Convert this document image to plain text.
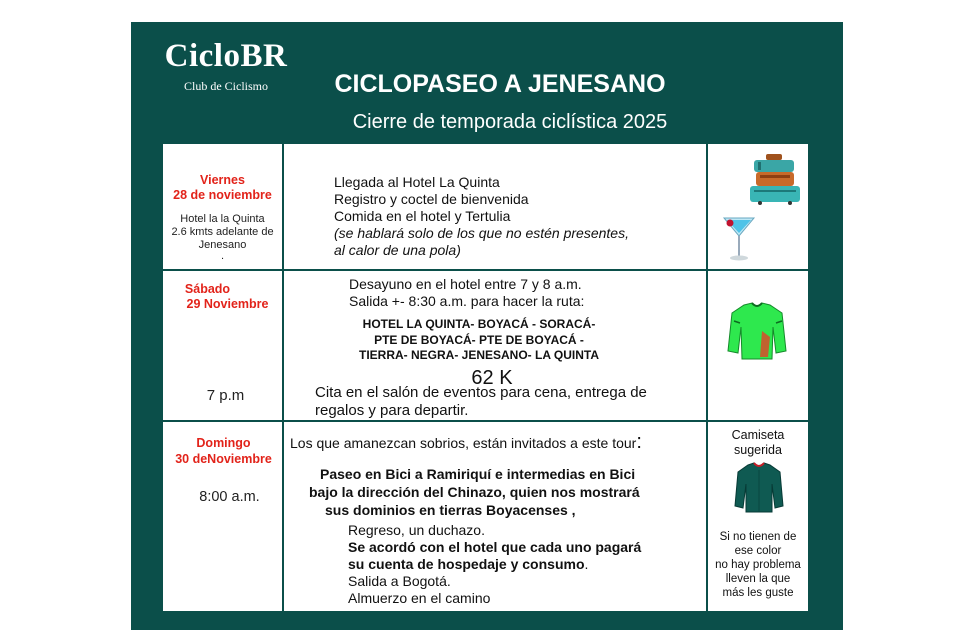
CicloBR
Club de Ciclismo	CICLOPASEO A JENESANO
Cierre de temporada ciclística 2025
Viernes
28 de noviembre
Hotel la la Quinta
2.6 kmts adelante de
Jenesano
.
Llegada al Hotel La Quinta
Registro y coctel de bienvenida
Comida en el hotel y Tertulia
(se hablará solo de los que no estén presentes,
al calor de una pola)
Sábado
29 Noviembre
7 p.m
Desayuno en el hotel entre 7 y 8 a.m.
Salida +- 8:30 a.m. para hacer la ruta:
HOTEL LA QUINTA- BOYACÁ - SORACÁ-
PTE DE BOYACÁ- PTE DE BOYACÁ -
TIERRA- NEGRA- JENESANO- LA QUINTA
62 K
Cita en el salón de eventos para cena, entrega de
regalos y para departir.
Domingo
30 deNoviembre
8:00 a.m.
Los que amanezcan sobrios, están invitados a este tour:
Paseo en Bici a Ramiriquí e intermedias en Bici
bajo la dirección del Chinazo, quien nos mostrará
sus dominios en tierras Boyacenses ,
Regreso, un duchazo.
Se acordó con el hotel que cada uno pagará
su cuenta de hospedaje y consumo.
Salida a Bogotá.
Almuerzo en el camino
Camiseta
sugerida
Si no tienen de
ese color
no hay problema
lleven la que
más les guste
